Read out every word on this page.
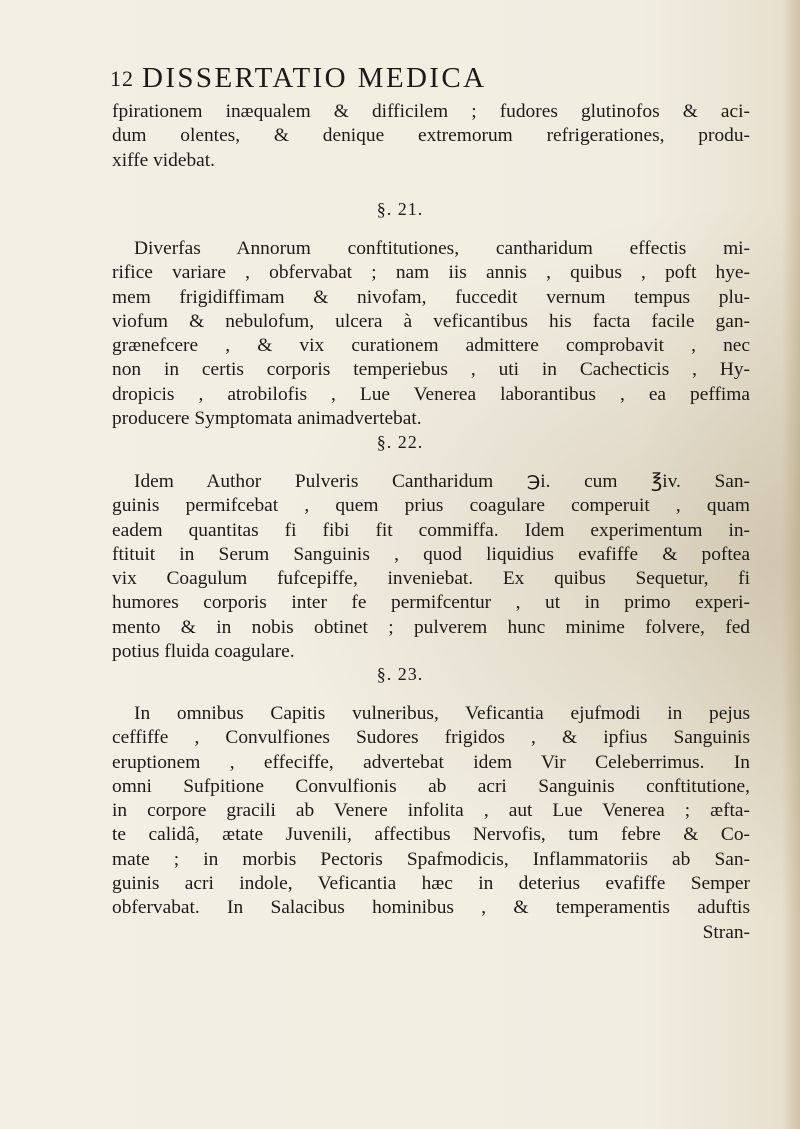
12 DISSERTATIO MEDICA
fpirationem inæqualem & difficilem ; fudores glutinofos & aci-
dum olentes, & denique extremorum refrigerationes, produ-
xiffe videbat.
§. 21.
Diverfas Annorum conftitutiones, cantharidum effectis mi-
rifice variare , obfervabat ; nam iis annis , quibus , poft hye-
mem frigidiffimam & nivofam, fuccedit vernum tempus plu-
viofum & nebulofum, ulcera à veficantibus his facta facile gan-
grænefcere , & vix curationem admittere comprobavit , nec
non in certis corporis temperiebus , uti in Cachecticis , Hy-
dropicis , atrobilofis , Lue Venerea laborantibus , ea peffima
producere Symptomata animadvertebat.
§. 22.
Idem Author Pulveris Cantharidum ℈i. cum ℥iv. San-
guinis permifcebat , quem prius coagulare comperuit , quam
eadem quantitas fi fibi fit commiffa. Idem experimentum in-
ftituit in Serum Sanguinis , quod liquidius evafiffe & poftea
vix Coagulum fufcepiffe, inveniebat. Ex quibus Sequetur, fi
humores corporis inter fe permifcentur , ut in primo experi-
mento & in nobis obtinet ; pulverem hunc minime folvere, fed
potius fluida coagulare.
§. 23.
In omnibus Capitis vulneribus, Veficantia ejufmodi in pejus
ceffiffe , Convulfiones Sudores frigidos , & ipfius Sanguinis
eruptionem , effeciffe, advertebat idem Vir Celeberrimus. In
omni Sufpitione Convulfionis ab acri Sanguinis conftitutione,
in corpore gracili ab Venere infolita , aut Lue Venerea ; æfta-
te calidâ, ætate Juvenili, affectibus Nervofis, tum febre & Co-
mate ; in morbis Pectoris Spafmodicis, Inflammatoriis ab San-
guinis acri indole, Veficantia hæc in deterius evafiffe Semper
obfervabat. In Salacibus hominibus , & temperamentis aduftis
Stran-
